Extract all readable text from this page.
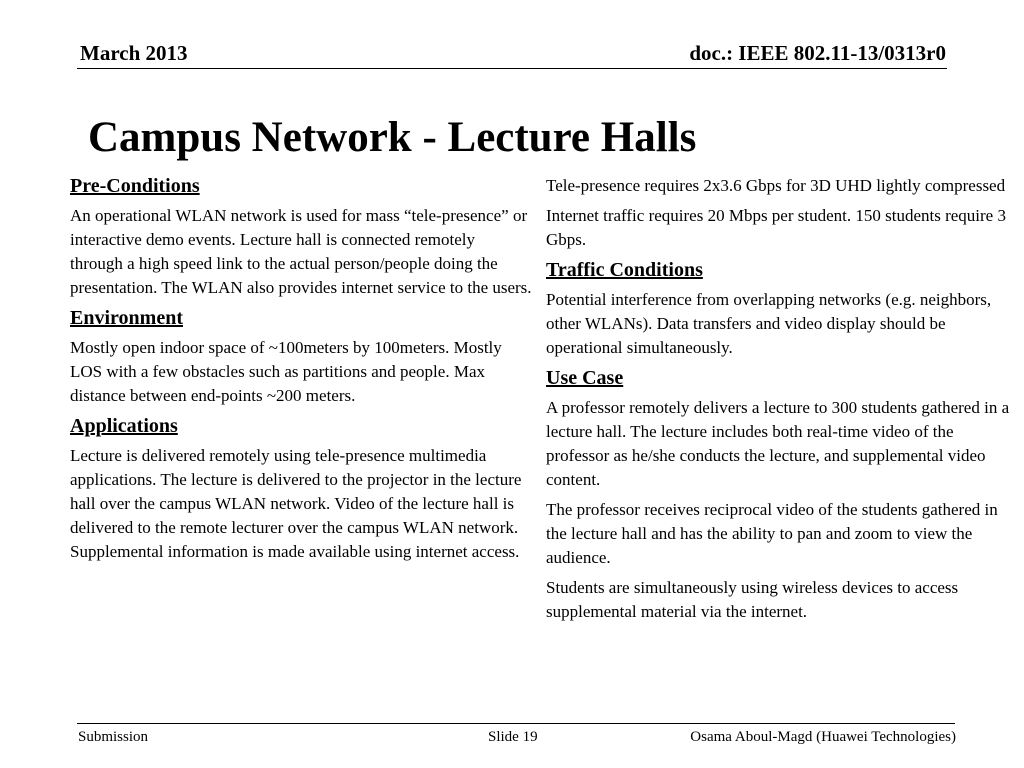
March 2013	doc.: IEEE 802.11-13/0313r0
Campus Network - Lecture Halls
Pre-Conditions
An operational WLAN network is used for mass “tele-presence” or interactive demo events. Lecture hall is connected remotely through a high speed link to the actual person/people doing the presentation. The WLAN also provides internet service to the users.
Environment
Mostly open indoor space of ~100meters by 100meters. Mostly LOS with a few obstacles such as partitions and people. Max distance between end-points ~200 meters.
Applications
Lecture is delivered remotely using tele-presence multimedia applications. The lecture is delivered to the projector in the lecture hall over the campus WLAN network. Video of the lecture hall is delivered to the remote lecturer over the campus WLAN network. Supplemental information is made available using internet access.
Tele-presence requires 2x3.6 Gbps for 3D UHD lightly compressed
Internet traffic requires 20 Mbps per student. 150 students require 3 Gbps.
Traffic Conditions
Potential interference from overlapping networks (e.g. neighbors, other WLANs). Data transfers and video display should be operational simultaneously.
Use Case
A professor remotely delivers a lecture to 300 students gathered in a lecture hall. The lecture includes both real-time video of the professor as he/she conducts the lecture, and supplemental video content.
The professor receives reciprocal video of the students gathered in the lecture hall and has the ability to pan and zoom to view the audience.
Students are simultaneously using wireless devices to access supplemental material via the internet.
Submission	Slide 19	Osama Aboul-Magd (Huawei Technologies)
